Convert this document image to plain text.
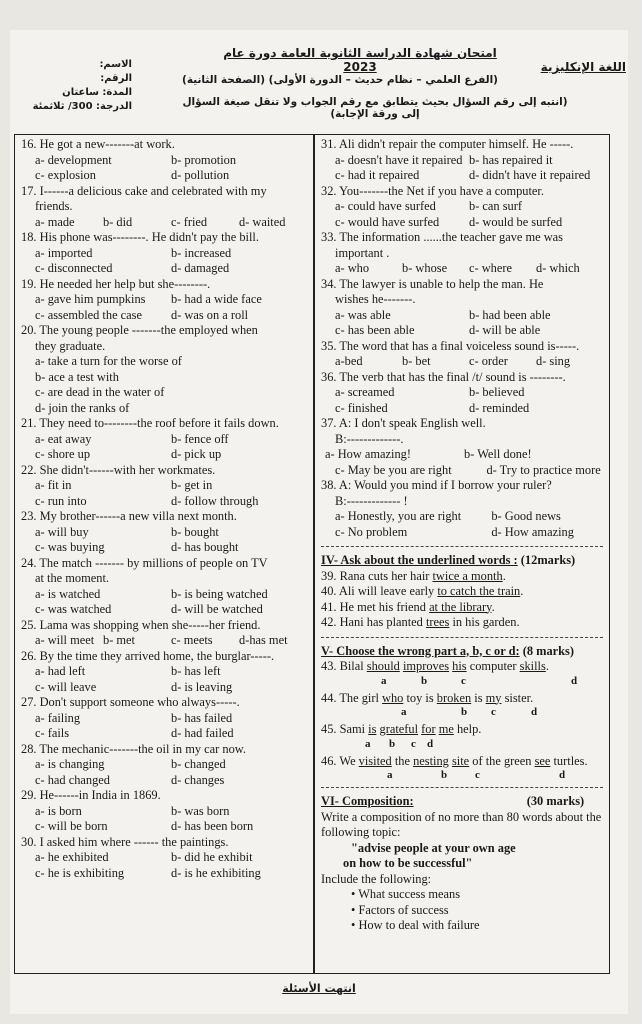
امتحان شهادة الدراسة الثانوية العامة دورة عام 2023	اللغة الإنكليزية
(الفرع العلمي – نظام حديث – الدورة الأولى) (الصفحة الثانية)
(انتبه إلى رقم السؤال بحيث يتطابق مع رقم الجواب ولا تنقل صيغة السؤال إلى ورقة الإجابة)
الاسم:
الرقم:
المدة: ساعتان
الدرجة: 300/ ثلاثمئة
16. He got a new-------at work.
a- development	b- promotion
c- explosion	d- pollution
17. I------a delicious cake and celebrated with my
friends.
a- made	b- did	c- fried	d- waited
18. His phone was--------. He didn't pay the bill.
a- imported	b- increased
c- disconnected	d- damaged
19. He needed her help but she--------.
a- gave him pumpkins	b- had a wide face
c- assembled the case	d- was on a roll
20. The young people -------the employed when
they graduate.
a- take a turn for the worse of
b- ace a test with
c- are dead in the water of
d- join the ranks of
21. They need to--------the roof before it fails down.
a- eat away	b- fence off
c- shore up	d- pick up
22. She didn't------with her workmates.
a- fit in	b- get in
c- run into	d- follow through
23. My brother------a new villa next month.
a- will buy	b- bought
c- was buying	d- has bought
24. The match ------- by millions of people on TV
at the moment.
a- is watched	b- is being watched
c- was watched	d- will be watched
25. Lama was shopping when she-----her friend.
a- will meet b- met	c- meets	d-has met
26. By the time they arrived home, the burglar-----.
a- had left	b- has left
c- will leave	d- is leaving
27. Don't support someone who always-----.
a- failing	b- has failed
c- fails	d- had failed
28. The mechanic-------the oil in my car now.
a- is changing	b- changed
c- had changed	d- changes
29. He------in India in 1869.
a- is born	b- was born
c- will be born	d- has been born
30. I asked him where ------ the paintings.
a- he exhibited	b- did he exhibit
c- he is exhibiting	d- is he exhibiting
31. Ali didn't repair the computer himself. He -----.
a- doesn't have it repaired b- has repaired it
c- had it repaired	d- didn't have it repaired
32. You-------the Net if you have a computer.
a- could have surfed	b- can surf
c- would have surfed	d- would be surfed
33. The information ......the teacher gave me was
important .
a- who	b- whose	c- where	d- which
34. The lawyer is unable to help the man. He
wishes he-------.
a- was able	b- had been able
c- has been able	d- will be able
35. The word that has a final voiceless sound is-----.
a-bed	b- bet	c- order	d- sing
36. The verb that has the final /t/ sound is --------.
a- screamed	b- believed
c- finished	d- reminded
37. A: I don't speak English well.
B:-------------.
a- How amazing!	b- Well done!
c- May be you are right	d- Try to practice more
38. A: Would you mind if I borrow your ruler?
B:------------- !
a- Honestly, you are right	b- Good news
c- No problem	d- How amazing
IV- Ask about the underlined words : (12marks)
39. Rana cuts her hair twice a month.
40. Ali will leave early to catch the train.
41. He met his friend at the library.
42. Hani has planted trees in his garden.
V- Choose the wrong part a, b, c or d: (8 marks)
43. Bilal should improves his computer skills.
a	b	c	d
44. The girl who toy is broken is my sister.
a	b	c	d
45. Sami is grateful for me help.
a	b	c	d
46. We visited the nesting site of the green see turtles.
a	b	c	d
VI- Composition:	(30 marks)
Write a composition of no more than 80 words about the following topic:
"advise people at your own age
on how to be successful"
Include the following:
• What success means
• Factors of success
• How to deal with failure
انتهت الأسئلة
